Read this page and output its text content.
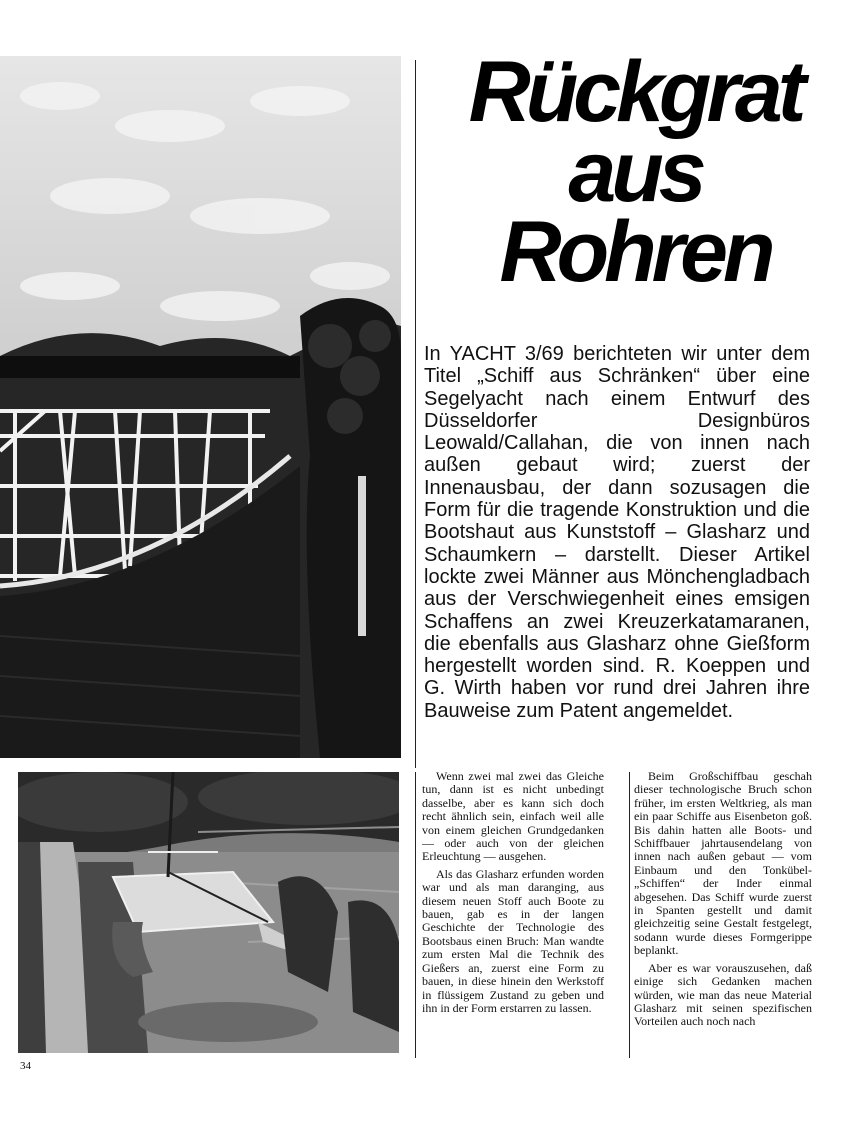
Rückgrat
aus
Rohren

In YACHT 3/69 berichteten wir unter dem Titel „Schiff aus Schränken“ über eine Segelyacht nach einem Entwurf des Düsseldorfer Designbüros Leowald/Callahan, die von innen nach außen gebaut wird; zuerst der Innenausbau, der dann sozusagen die Form für die tragende Konstruktion und die Bootshaut aus Kunststoff – Glasharz und Schaumkern – darstellt. Dieser Artikel lockte zwei Männer aus Mönchengladbach aus der Verschwiegenheit eines emsigen Schaffens an zwei Kreuzerkatamaranen, die ebenfalls aus Glasharz ohne Gießform hergestellt worden sind. R. Koeppen und G. Wirth haben vor rund drei Jahren ihre Bauweise zum Patent angemeldet.

Wenn zwei mal zwei das Gleiche tun, dann ist es nicht unbedingt dasselbe, aber es kann sich doch recht ähnlich sein, einfach weil alle von einem gleichen Grundgedanken — oder auch von der gleichen Erleuchtung — ausgehen.

Als das Glasharz erfunden worden war und als man daranging, aus diesem neuen Stoff auch Boote zu bauen, gab es in der langen Geschichte der Technologie des Bootsbaus einen Bruch: Man wandte zum ersten Mal die Technik des Gießers an, zuerst eine Form zu bauen, in diese hinein den Werkstoff in flüssigem Zustand zu geben und ihn in der Form erstarren zu lassen.

Beim Großschiffbau geschah dieser technologische Bruch schon früher, im ersten Weltkrieg, als man ein paar Schiffe aus Eisenbeton goß. Bis dahin hatten alle Boots- und Schiffbauer jahrtausendelang von innen nach außen gebaut — vom Einbaum und den Tonkübel-„Schiffen“ der Inder einmal abgesehen. Das Schiff wurde zuerst in Spanten gestellt und damit gleichzeitig seine Gestalt festgelegt, sodann wurde dieses Formgerippe beplankt.

Aber es war vorauszusehen, daß einige sich Gedanken machen würden, wie man das neue Material Glasharz mit seinen spezifischen Vorteilen auch noch nach

34
